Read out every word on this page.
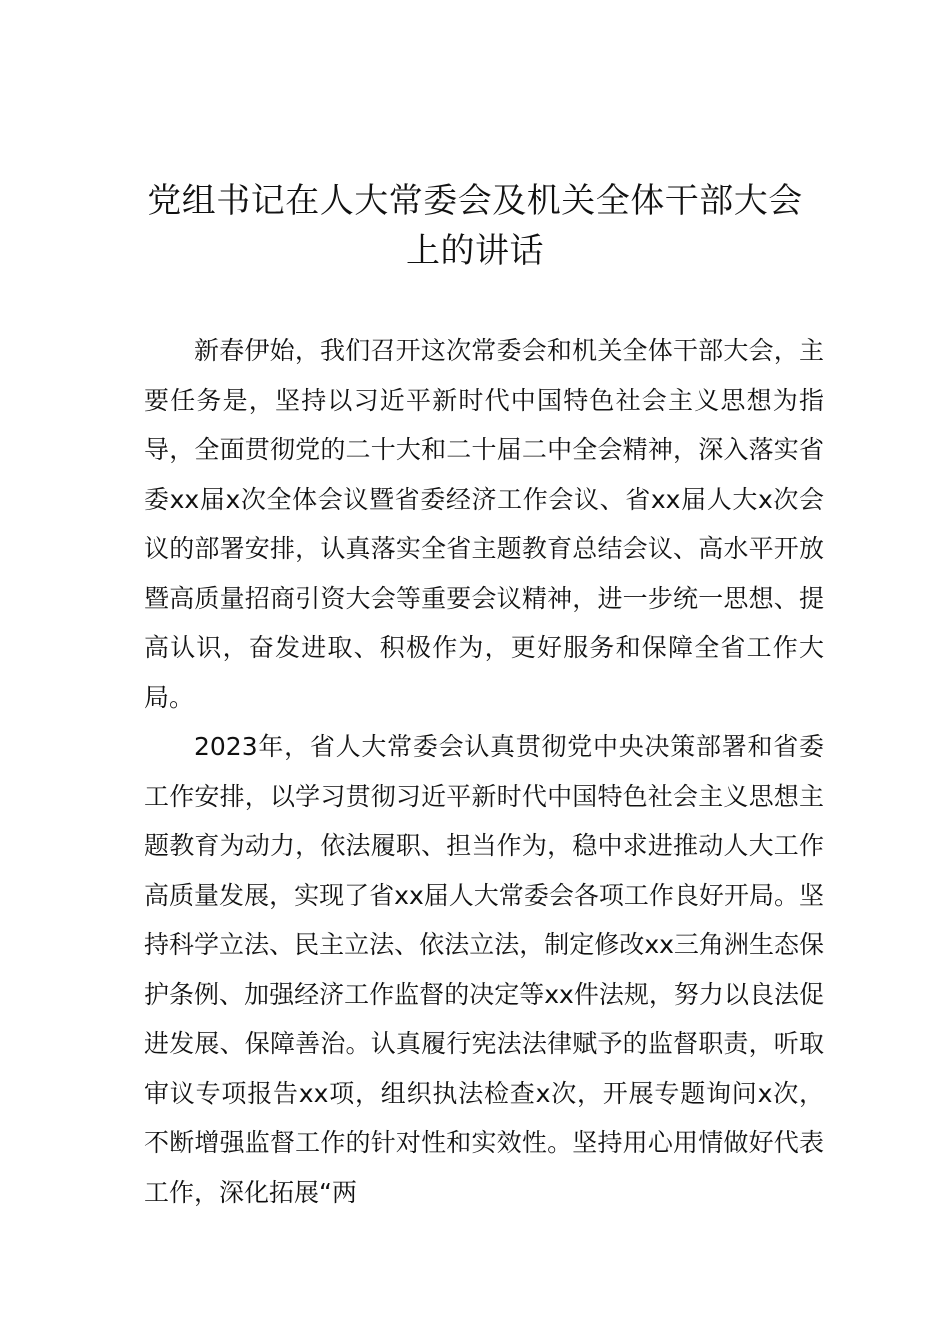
党组书记在人大常委会及机关全体干部大会上的讲话

新春伊始，我们召开这次常委会和机关全体干部大会，主要任务是，坚持以习近平新时代中国特色社会主义思想为指导，全面贯彻党的二十大和二十届二中全会精神，深入落实省委xx届x次全体会议暨省委经济工作会议、省xx届人大x次会议的部署安排，认真落实全省主题教育总结会议、高水平开放暨高质量招商引资大会等重要会议精神，进一步统一思想、提高认识，奋发进取、积极作为，更好服务和保障全省工作大局。

2023年，省人大常委会认真贯彻党中央决策部署和省委工作安排，以学习贯彻习近平新时代中国特色社会主义思想主题教育为动力，依法履职、担当作为，稳中求进推动人大工作高质量发展，实现了省xx届人大常委会各项工作良好开局。坚持科学立法、民主立法、依法立法，制定修改xx三角洲生态保护条例、加强经济工作监督的决定等xx件法规，努力以良法促进发展、保障善治。认真履行宪法法律赋予的监督职责，听取审议专项报告xx项，组织执法检查x次，开展专题询问x次，不断增强监督工作的针对性和实效性。坚持用心用情做好代表工作，深化拓展“两
